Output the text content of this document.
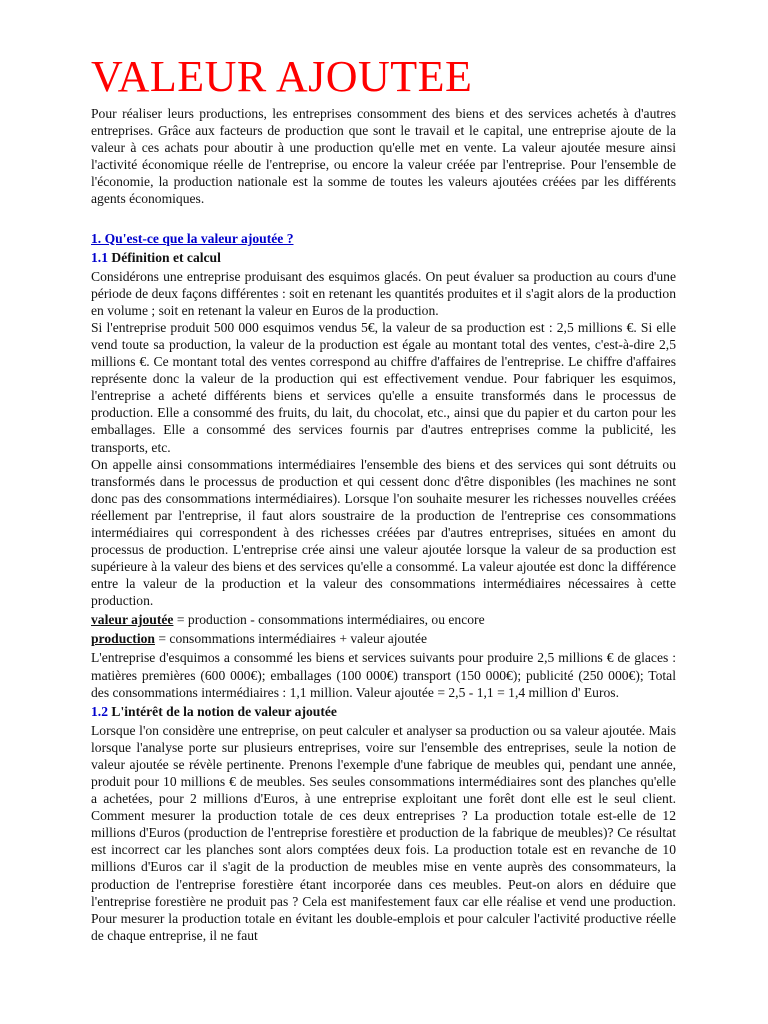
VALEUR AJOUTEE

Pour réaliser leurs productions, les entreprises consomment des biens et des services achetés à d'autres entreprises. Grâce aux facteurs de production que sont le travail et le capital, une entreprise ajoute de la valeur à ces achats pour aboutir à une production qu'elle met en vente. La valeur ajoutée mesure ainsi l'activité économique réelle de l'entreprise, ou encore la valeur créée par l'entreprise. Pour l'ensemble de l'économie, la production nationale est la somme de toutes les valeurs ajoutées créées par les différents agents économiques.

1. Qu'est-ce que la valeur ajoutée ?
1.1 Définition et calcul

Considérons une entreprise produisant des esquimos glacés. On peut évaluer sa production au cours d'une période de deux façons différentes : soit en retenant les quantités produites et il s'agit alors de la production en volume ; soit en retenant la valeur en Euros de la production.

Si l'entreprise produit 500 000 esquimos vendus 5€, la valeur de sa production est : 2,5 millions €. Si elle vend toute sa production, la valeur de la production est égale au montant total des ventes, c'est-à-dire 2,5 millions €. Ce montant total des ventes correspond au chiffre d'affaires de l'entreprise. Le chiffre d'affaires représente donc la valeur de la production qui est effectivement vendue. Pour fabriquer les esquimos, l'entreprise a acheté différents biens et services qu'elle a ensuite transformés dans le processus de production. Elle a consommé des fruits, du lait, du chocolat, etc., ainsi que du papier et du carton pour les emballages. Elle a consommé des services fournis par d'autres entreprises comme la publicité, les transports, etc.

On appelle ainsi consommations intermédiaires l'ensemble des biens et des services qui sont détruits ou transformés dans le processus de production et qui cessent donc d'être disponibles (les machines ne sont donc pas des consommations intermédiaires). Lorsque l'on souhaite mesurer les richesses nouvelles créées réellement par l'entreprise, il faut alors soustraire de la production de l'entreprise ces consommations intermédiaires qui correspondent à des richesses créées par d'autres entreprises, situées en amont du processus de production. L'entreprise crée ainsi une valeur ajoutée lorsque la valeur de sa production est supérieure à la valeur des biens et des services qu'elle a consommé. La valeur ajoutée est donc la différence entre la valeur de la production et la valeur des consommations intermédiaires nécessaires à cette production.

valeur ajoutée = production - consommations intermédiaires, ou encore
production = consommations intermédiaires + valeur ajoutée

L'entreprise d'esquimos a consommé les biens et services suivants pour produire 2,5 millions € de glaces : matières premières (600 000€); emballages (100 000€) transport (150 000€); publicité (250 000€); Total des consommations intermédiaires : 1,1 million. Valeur ajoutée = 2,5 - 1,1 = 1,4 million d' Euros.

1.2 L'intérêt de la notion de valeur ajoutée

Lorsque l'on considère une entreprise, on peut calculer et analyser sa production ou sa valeur ajoutée. Mais lorsque l'analyse porte sur plusieurs entreprises, voire sur l'ensemble des entreprises, seule la notion de valeur ajoutée se révèle pertinente. Prenons l'exemple d'une fabrique de meubles qui, pendant une année, produit pour 10 millions € de meubles. Ses seules consommations intermédiaires sont des planches qu'elle a achetées, pour 2 millions d'Euros, à une entreprise exploitant une forêt dont elle est le seul client. Comment mesurer la production totale de ces deux entreprises ? La production totale est-elle de 12 millions d'Euros (production de l'entreprise forestière et production de la fabrique de meubles)? Ce résultat est incorrect car les planches sont alors comptées deux fois. La production totale est en revanche de 10 millions d'Euros car il s'agit de la production de meubles mise en vente auprès des consommateurs, la production de l'entreprise forestière étant incorporée dans ces meubles. Peut-on alors en déduire que l'entreprise forestière ne produit pas ? Cela est manifestement faux car elle réalise et vend une production. Pour mesurer la production totale en évitant les double-emplois et pour calculer l'activité productive réelle de chaque entreprise, il ne faut
